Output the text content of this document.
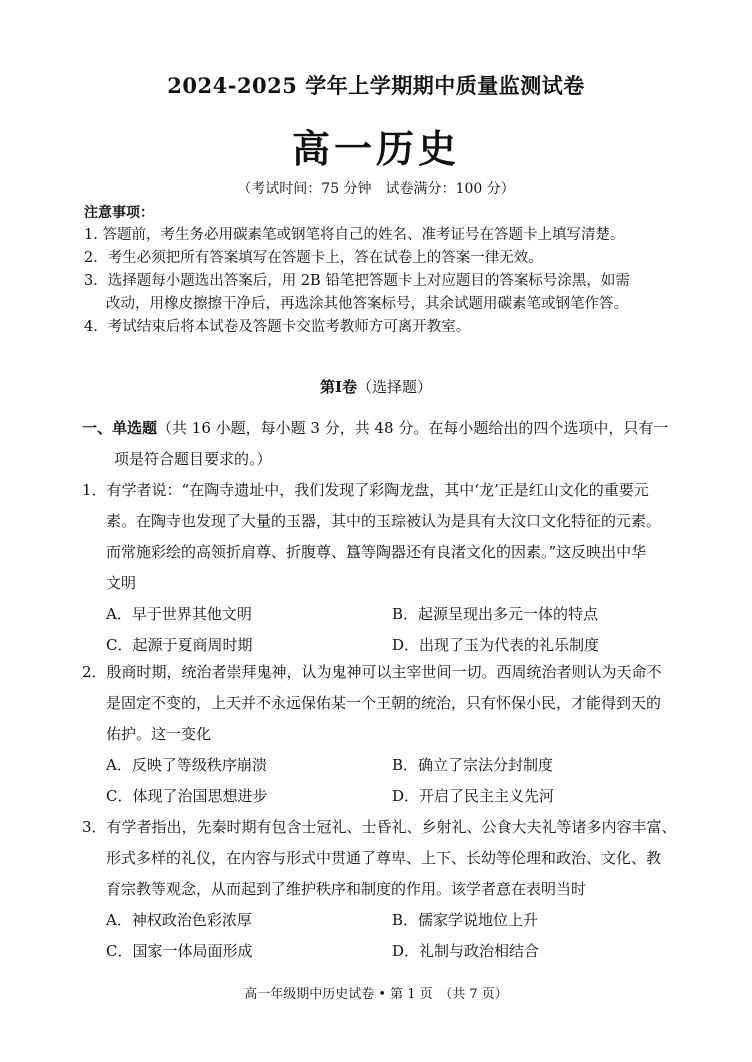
2024-2025 学年上学期期中质量监测试卷
高一历史
（考试时间：75 分钟　试卷满分：100 分）
注意事项：
1. 答题前，考生务必用碳素笔或钢笔将自己的姓名、准考证号在答题卡上填写清楚。
2．考生必须把所有答案填写在答题卡上，答在试卷上的答案一律无效。
3．选择题每小题选出答案后，用 2B 铅笔把答题卡上对应题目的答案标号涂黑，如需
改动，用橡皮擦擦干净后，再选涂其他答案标号，其余试题用碳素笔或钢笔作答。
4．考试结束后将本试卷及答题卡交监考教师方可离开教室。
第Ⅰ卷（选择题）
一、单选题（共 16 小题，每小题 3 分，共 48 分。在每小题给出的四个选项中，只有一
项是符合题目要求的。）
1．有学者说：“在陶寺遗址中，我们发现了彩陶龙盘，其中‘龙’正是红山文化的重要元
素。在陶寺也发现了大量的玉器，其中的玉琮被认为是具有大汶口文化特征的元素。
而常施彩绘的高领折肩尊、折腹尊、簋等陶器还有良渚文化的因素。”这反映出中华
文明
A．早于世界其他文明	B．起源呈现出多元一体的特点
C．起源于夏商周时期	D．出现了玉为代表的礼乐制度
2．殷商时期，统治者崇拜鬼神，认为鬼神可以主宰世间一切。西周统治者则认为天命不
是固定不变的，上天并不永远保佑某一个王朝的统治，只有怀保小民，才能得到天的
佑护。这一变化
A．反映了等级秩序崩溃	B．确立了宗法分封制度
C．体现了治国思想进步	D．开启了民主主义先河
3．有学者指出，先秦时期有包含士冠礼、士昏礼、乡射礼、公食大夫礼等诸多内容丰富、
形式多样的礼仪，在内容与形式中贯通了尊卑、上下、长幼等伦理和政治、文化、教
育宗教等观念，从而起到了维护秩序和制度的作用。该学者意在表明当时
A．神权政治色彩浓厚	B．儒家学说地位上升
C．国家一体局面形成	D．礼制与政治相结合
高一年级期中历史试卷 • 第 1 页　（共 7 页）
